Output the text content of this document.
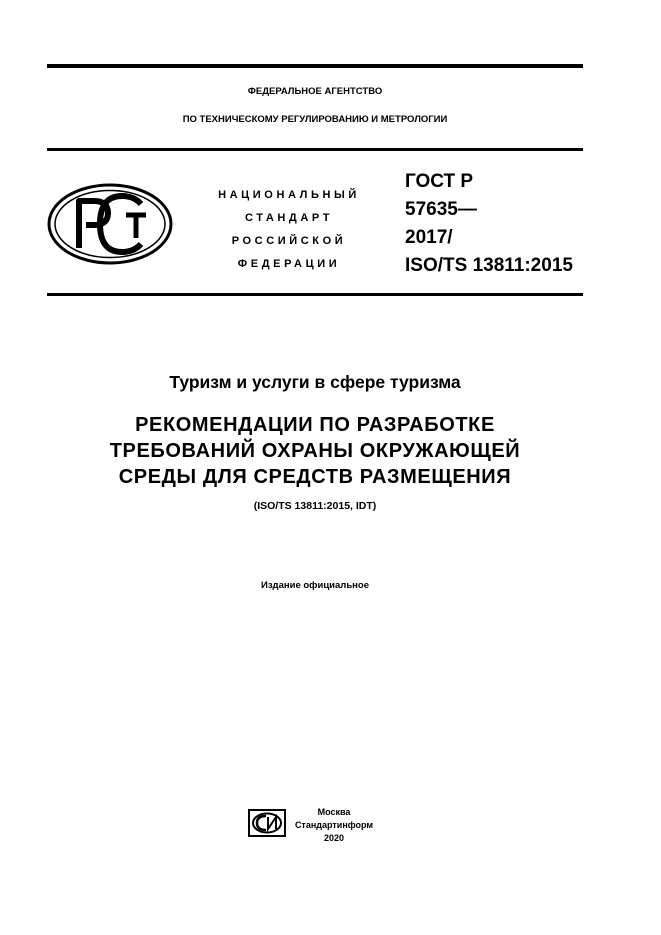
ФЕДЕРАЛЬНОЕ АГЕНТСТВО
ПО ТЕХНИЧЕСКОМУ РЕГУЛИРОВАНИЮ И МЕТРОЛОГИИ
НАЦИОНАЛЬНЫЙ
СТАНДАРТ
РОССИЙСКОЙ
ФЕДЕРАЦИИ
ГОСТ Р
57635—
2017/
ISO/TS 13811:2015
Туризм и услуги в сфере туризма
РЕКОМЕНДАЦИИ ПО РАЗРАБОТКЕ
ТРЕБОВАНИЙ ОХРАНЫ ОКРУЖАЮЩЕЙ
СРЕДЫ ДЛЯ СРЕДСТВ РАЗМЕЩЕНИЯ
(ISO/TS 13811:2015, IDT)
Издание официальное
Москва
Стандартинформ
2020
